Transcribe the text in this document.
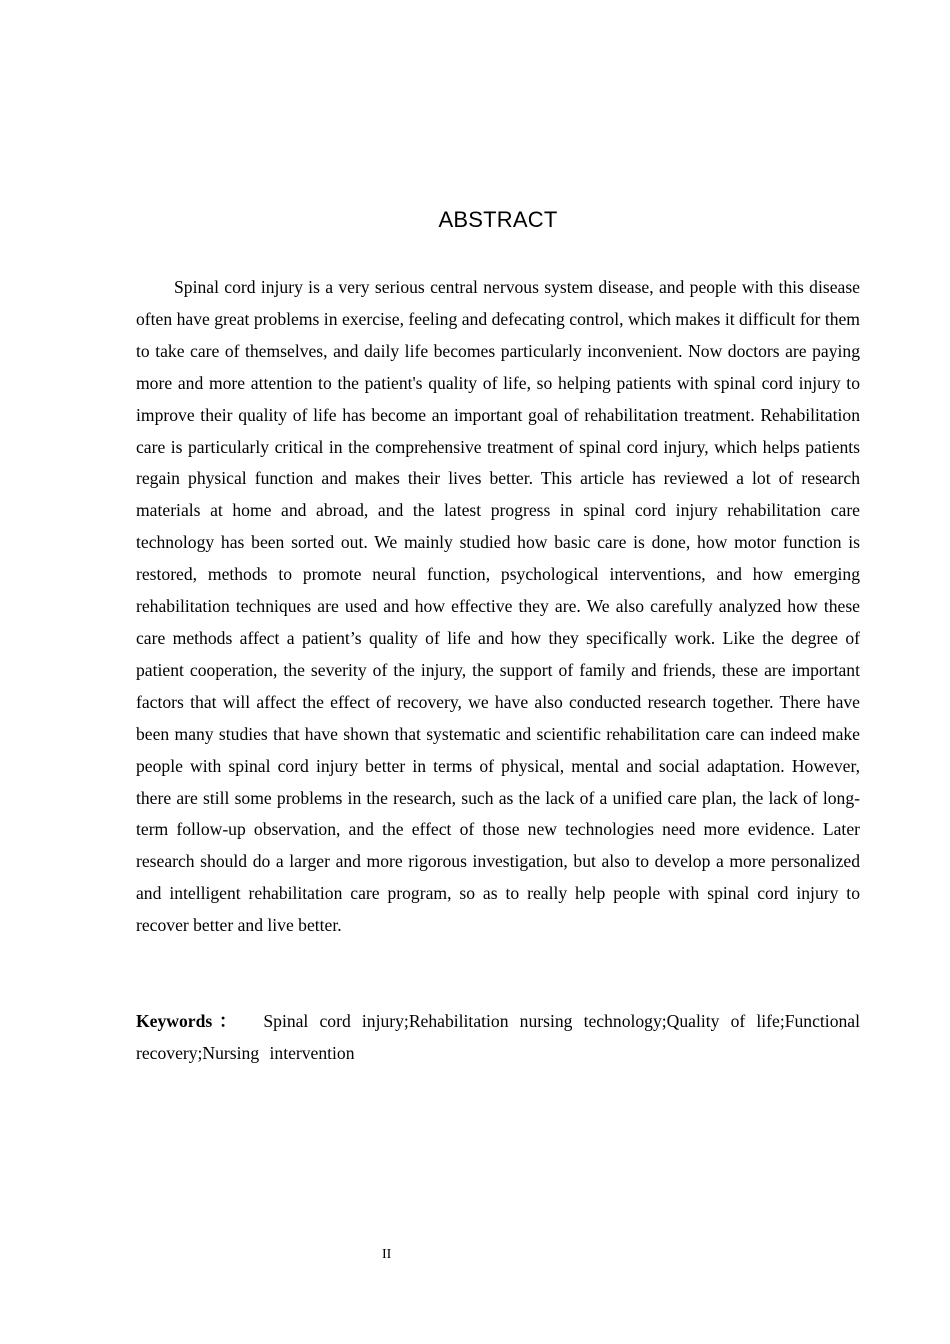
ABSTRACT

Spinal cord injury is a very serious central nervous system disease, and people with this disease often have great problems in exercise, feeling and defecating control, which makes it difficult for them to take care of themselves, and daily life becomes particularly inconvenient. Now doctors are paying more and more attention to the patient's quality of life, so helping patients with spinal cord injury to improve their quality of life has become an important goal of rehabilitation treatment. Rehabilitation care is particularly critical in the comprehensive treatment of spinal cord injury, which helps patients regain physical function and makes their lives better. This article has reviewed a lot of research materials at home and abroad, and the latest progress in spinal cord injury rehabilitation care technology has been sorted out. We mainly studied how basic care is done, how motor function is restored, methods to promote neural function, psychological interventions, and how emerging rehabilitation techniques are used and how effective they are. We also carefully analyzed how these care methods affect a patient’s quality of life and how they specifically work. Like the degree of patient cooperation, the severity of the injury, the support of family and friends, these are important factors that will affect the effect of recovery, we have also conducted research together. There have been many studies that have shown that systematic and scientific rehabilitation care can indeed make people with spinal cord injury better in terms of physical, mental and social adaptation. However, there are still some problems in the research, such as the lack of a unified care plan, the lack of long-term follow-up observation, and the effect of those new technologies need more evidence. Later research should do a larger and more rigorous investigation, but also to develop a more personalized and intelligent rehabilitation care program, so as to really help people with spinal cord injury to recover better and live better.

Keywords ： Spinal cord injury;Rehabilitation nursing technology;Quality of life;Functional recovery;Nursing intervention

II
